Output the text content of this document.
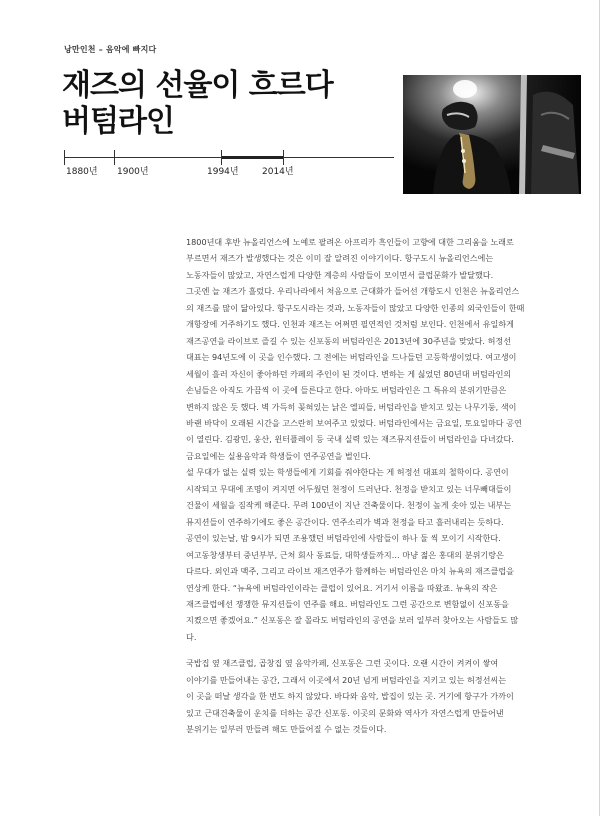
낭만인천 – 음악에 빠지다
재즈의 선율이 흐르다
버텀라인
1880년 1900년	1994년	2014년

1800년대 후반 뉴올리언스에 노예로 팔려온 아프리카 흑인들이 고향에 대한 그리움을 노래로

부르면서 재즈가 발생했다는 것은 이미 잘 알려진 이야기이다. 항구도시 뉴올리언스에는

노동자들이 많았고, 자연스럽게 다양한 계층의 사람들이 모이면서 클럽문화가 발달했다.

그곳엔 늘 재즈가 흘렀다. 우리나라에서 처음으로 근대화가 들어선 개항도시 인천은 뉴올리언스

의 재즈를 많이 닮아있다. 항구도시라는 것과, 노동자들이 많았고 다양한 인종의 외국인들이 한때

개항장에 거주하기도 했다. 인천과 재즈는 어쩌면 필연적인 것처럼 보인다. 인천에서 유일하게

재즈공연을 라이브로 즐길 수 있는 신포동의 버텀라인은 2013년에 30주년을 맞았다. 허정선

대표는 94년도에 이 곳을 인수했다. 그 전에는 버텀라인을 드나들던 고등학생이었다. 여고생이

세월이 흘러 자신이 좋아하던 카페의 주인이 된 것이다. 변하는 게 싫었던 80년대 버텀라인의

손님들은 아직도 가끔씩 이 곳에 들른다고 한다. 아마도 버텀라인은 그 특유의 분위기만큼은

변하지 않은 듯 했다. 벽 가득히 꽂혀있는 낡은 엘피들, 버텀라인을 받치고 있는 나무기둥, 색이

바랜 바닥이 오래된 시간을 고스란히 보여주고 있었다. 버텀라인에서는 금요일, 토요일마다 공연

이 열린다. 김광민, 웅산, 윈터플레이 등 국내 실력 있는 재즈뮤지션들이 버텀라인을 다녀갔다.

금요일에는 실용음악과 학생들이 연주공연을 벌인다.

설 무대가 없는 실력 있는 학생들에게 기회를 줘야한다는 게 허정선 대표의 철학이다. 공연이

시작되고 무대에 조명이 켜지면 어두웠던 천정이 드러난다. 천정을 받치고 있는 너무빼대들이

건물이 세월을 짐작케 해준다. 무려 100년이 지난 건축물이다. 천정이 높게 솟아 있는 내부는

뮤지션들이 연주하기에도 좋은 공간이다. 연주소리가 벽과 천정을 타고 흘러내리는 듯하다.

공연이 있는날, 밤 9시가 되면 조용했던 버텀라인에 사람들이 하나 둘 씩 모이기 시작한다.

여고동창생부터 중년부부, 근처 회사 동료들, 대학생들까지… 마냥 젊은 홍대의 분위기랑은

다르다. 외인과 맥주, 그리고 라이브 재즈연주가 함께하는 버텀라인은 마치 뉴욕의 재즈클럽을

연상케 한다. “뉴욕에 버텀라인이라는 클럽이 있어요. 거기서 이름을 따왔죠. 뉴욕의 작은

재즈클럽에선 쟁쟁한 뮤지션들이 연주를 해요. 버텀라인도 그런 공간으로 변함없이 신포동을

지켰으면 좋겠어요.” 신포동은 잘 몰라도 버텀라인의 공연을 보러 일부러 찾아오는 사람들도 많

다.

국밥집 옆 재즈클럽, 곱창집 옆 음악카페, 신포동은 그런 곳이다. 오랜 시간이 켜켜이 쌓여

이야기를 만들어내는 공간, 그래서 이곳에서 20년 넘게 버텀라인을 지키고 있는 허정선씨는

이 곳을 떠날 생각을 한 번도 하지 않았다. 바다와 음악, 밥집이 있는 곳. 거기에 항구가 가까이

있고 근대건축물이 운치를 더하는 공간 신포동. 이곳의 문화와 역사가 자연스럽게 만들어낸

분위기는 일부러 만들려 해도 만들어질 수 없는 것들이다.
